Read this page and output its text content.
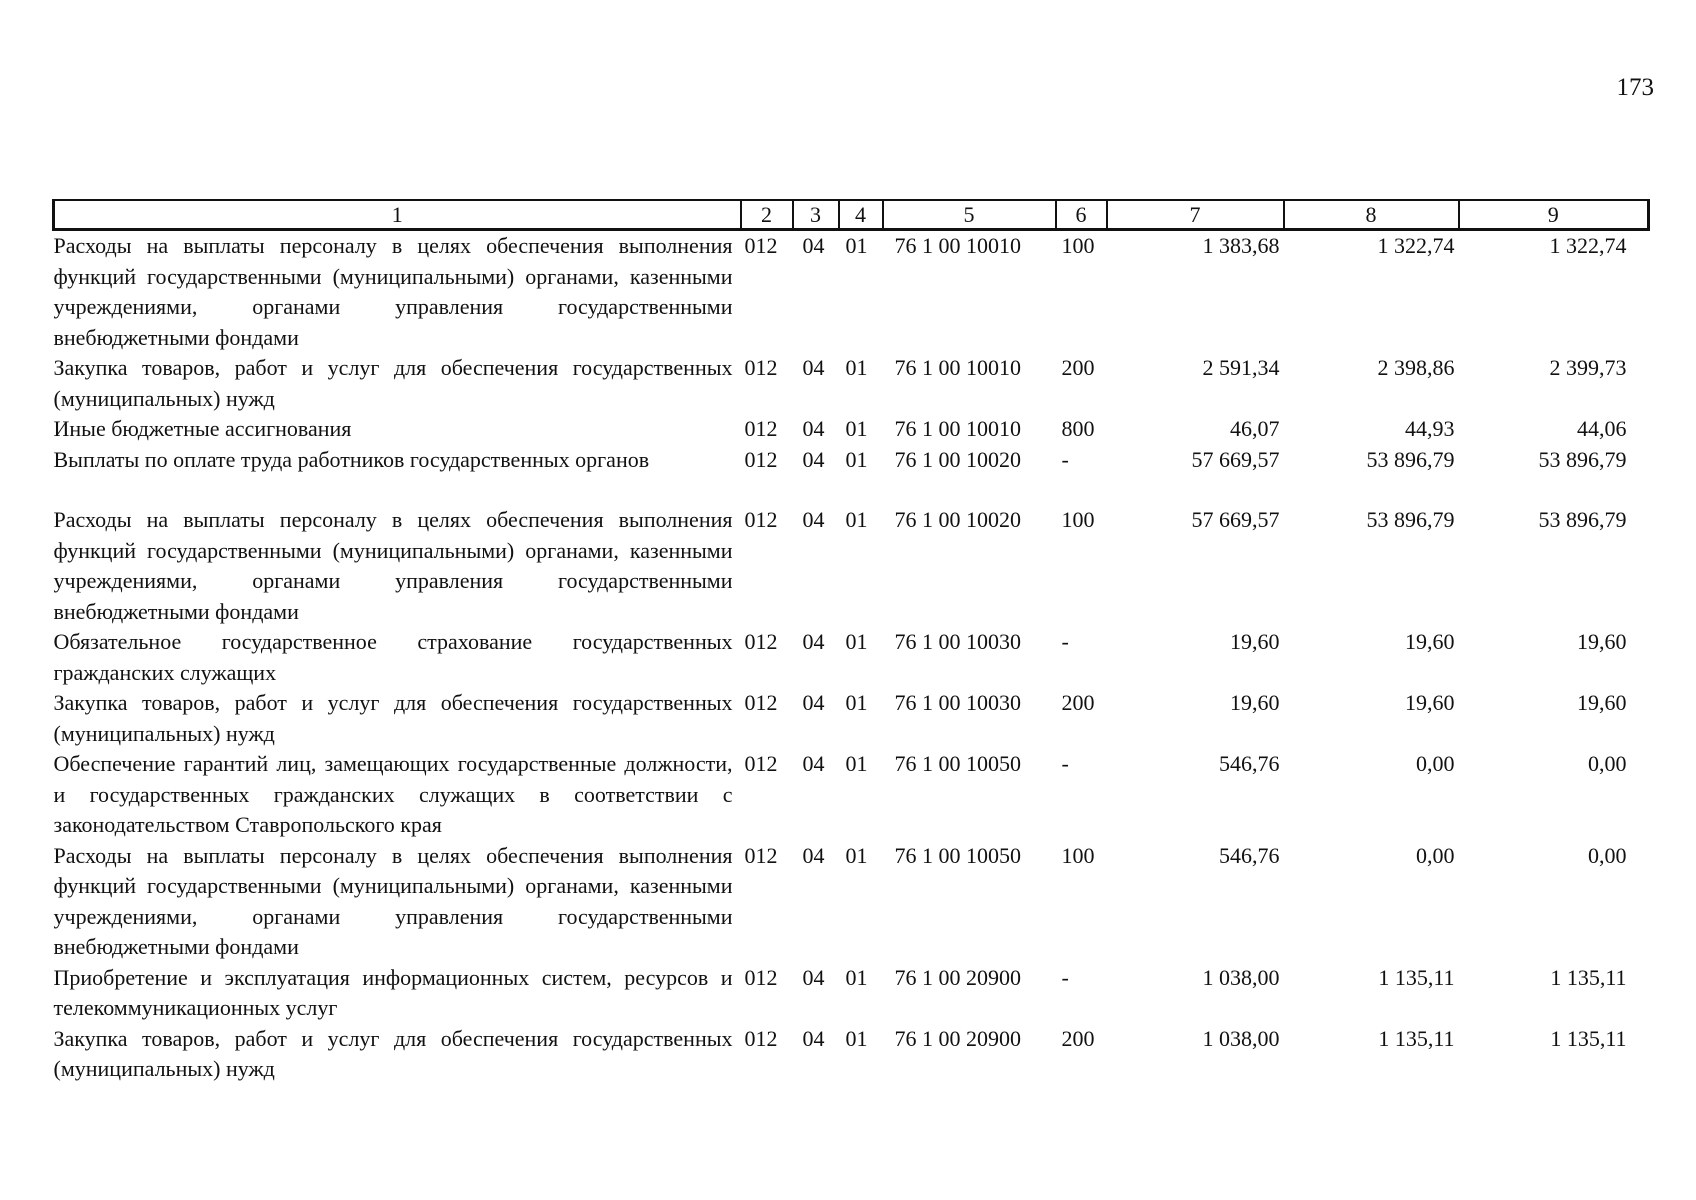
173
1	2	3	4	5	6	7	8	9
Расходы на выплаты персоналу в целях обеспечения выполнения функций государственными (муниципальными) органами, казенными учреждениями, органами управления государственными внебюджетными фондами	012	04	01	76 1 00 10010	100	1 383,68	1 322,74	1 322,74
Закупка товаров, работ и услуг для обеспечения государственных (муниципальных) нужд	012	04	01	76 1 00 10010	200	2 591,34	2 398,86	2 399,73
Иные бюджетные ассигнования	012	04	01	76 1 00 10010	800	46,07	44,93	44,06
Выплаты по оплате труда работников государственных органов	012	04	01	76 1 00 10020	-	57 669,57	53 896,79	53 896,79
Расходы на выплаты персоналу в целях обеспечения выполнения функций государственными (муниципальными) органами, казенными учреждениями, органами управления государственными внебюджетными фондами	012	04	01	76 1 00 10020	100	57 669,57	53 896,79	53 896,79
Обязательное государственное страхование государственных гражданских служащих	012	04	01	76 1 00 10030	-	19,60	19,60	19,60
Закупка товаров, работ и услуг для обеспечения государственных (муниципальных) нужд	012	04	01	76 1 00 10030	200	19,60	19,60	19,60
Обеспечение гарантий лиц, замещающих государственные должности, и государственных гражданских служащих в соответствии с законодательством Ставропольского края	012	04	01	76 1 00 10050	-	546,76	0,00	0,00
Расходы на выплаты персоналу в целях обеспечения выполнения функций государственными (муниципальными) органами, казенными учреждениями, органами управления государственными внебюджетными фондами	012	04	01	76 1 00 10050	100	546,76	0,00	0,00
Приобретение и эксплуатация информационных систем, ресурсов и телекоммуникационных услуг	012	04	01	76 1 00 20900	-	1 038,00	1 135,11	1 135,11
Закупка товаров, работ и услуг для обеспечения государственных (муниципальных) нужд	012	04	01	76 1 00 20900	200	1 038,00	1 135,11	1 135,11
